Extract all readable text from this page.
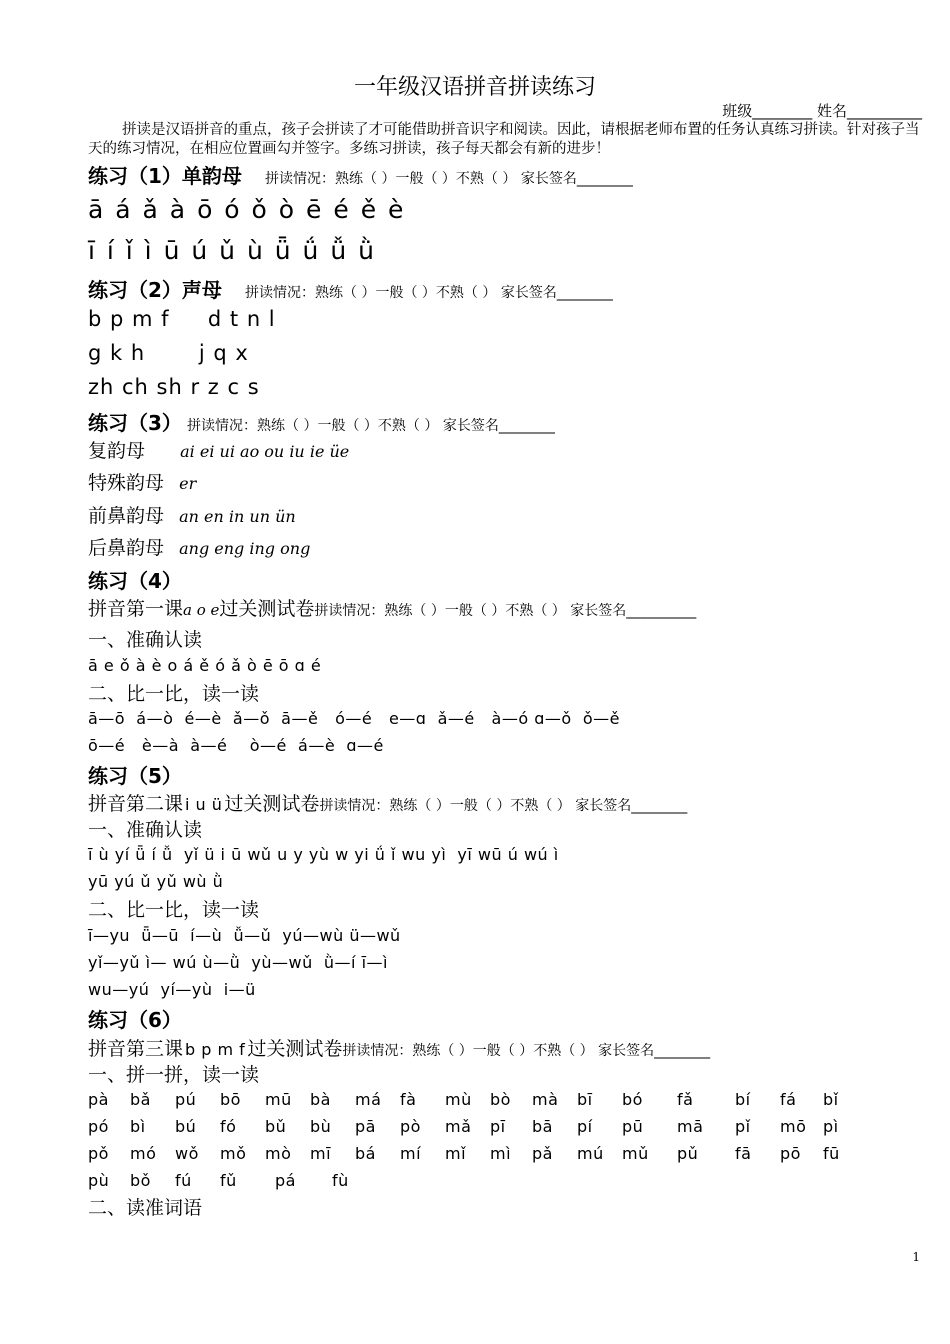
一年级汉语拼音拼读练习
班级________ 姓名__________
拼读是汉语拼音的重点，孩子会拼读了才可能借助拼音识字和阅读。因此，请根据老师布置的任务认真练习拼读。针对孩子当天的练习情况，在相应位置画勾并签字。多练习拼读，孩子每天都会有新的进步！
练习（1）单韵母 拼读情况：熟练（ ）一般（ ）不熟（ ） 家长签名________
ā á ǎ à ō ó ǒ ò ē é ě è
ī í ǐ ì ū ú ǔ ù ǖ ǘ ǚ ǜ
练习（2）声母 拼读情况：熟练（ ）一般（ ）不熟（ ） 家长签名________
b p m f     d t n l
g k h       j q x
zh ch sh r z c s
练习（3） 拼读情况：熟练（ ）一般（ ）不熟（ ） 家长签名________
复韵母 ai ei ui ao ou iu ie üe
特殊韵母 er
前鼻韵母 an en in un ün
后鼻韵母 ang eng ing ong
练习（4）
拼音第一课a o e过关测试卷拼读情况：熟练（ ）一般（ ）不熟（ ） 家长签名__________
一、准确认读
ā e ǒ à è o á ě ó ǎ ò ē ō ɑ é
二、比一比，读一读
ā—ō  á—ò  é—è  ǎ—ǒ  ā—ě   ó—é   e—ɑ  ǎ—é   à—ó ɑ—ǒ  ǒ—ě
ō—é   è—à  à—é    ò—é  á—è  ɑ—é
练习（5）
拼音第二课 i u ü 过关测试卷拼读情况：熟练（ ）一般（ ）不熟（ ） 家长签名________
一、准确认读
ī ù yí ǖ í ǚ  yǐ ü i ū wǔ u y yù w yi ǘ ǐ wu yì  yī wū ú wú ì
yū yú ǔ yǔ wù ǜ
二、比一比，读一读
ī—yu  ǖ—ū  í—ù  ǚ—ǔ  yú—wù ü—wǔ
yǐ—yǔ ì— wú ù—ǜ  yù—wǔ  ǜ—í ī—ì
wu—yú  yí—yù  i—ü
练习（6）
拼音第三课 b p m f 过关测试卷拼读情况：熟练（ ）一般（ ）不熟（ ） 家长签名________
一、拼一拼，读一读
pà bǎ pú bō mū bà má fà mù bò mà bī bó fǎ	bí fá bǐ
pó bì bú fó bǔ bù pā pò mǎ pī bā pí pū mā pǐ mō pì
pǒ mó wǒ mǒ mò mī bá mí mǐ mì pǎ mú mǔ pǔ fā pō fū
pù bǒ fú fǔ pá fù
二、读准词语
1
